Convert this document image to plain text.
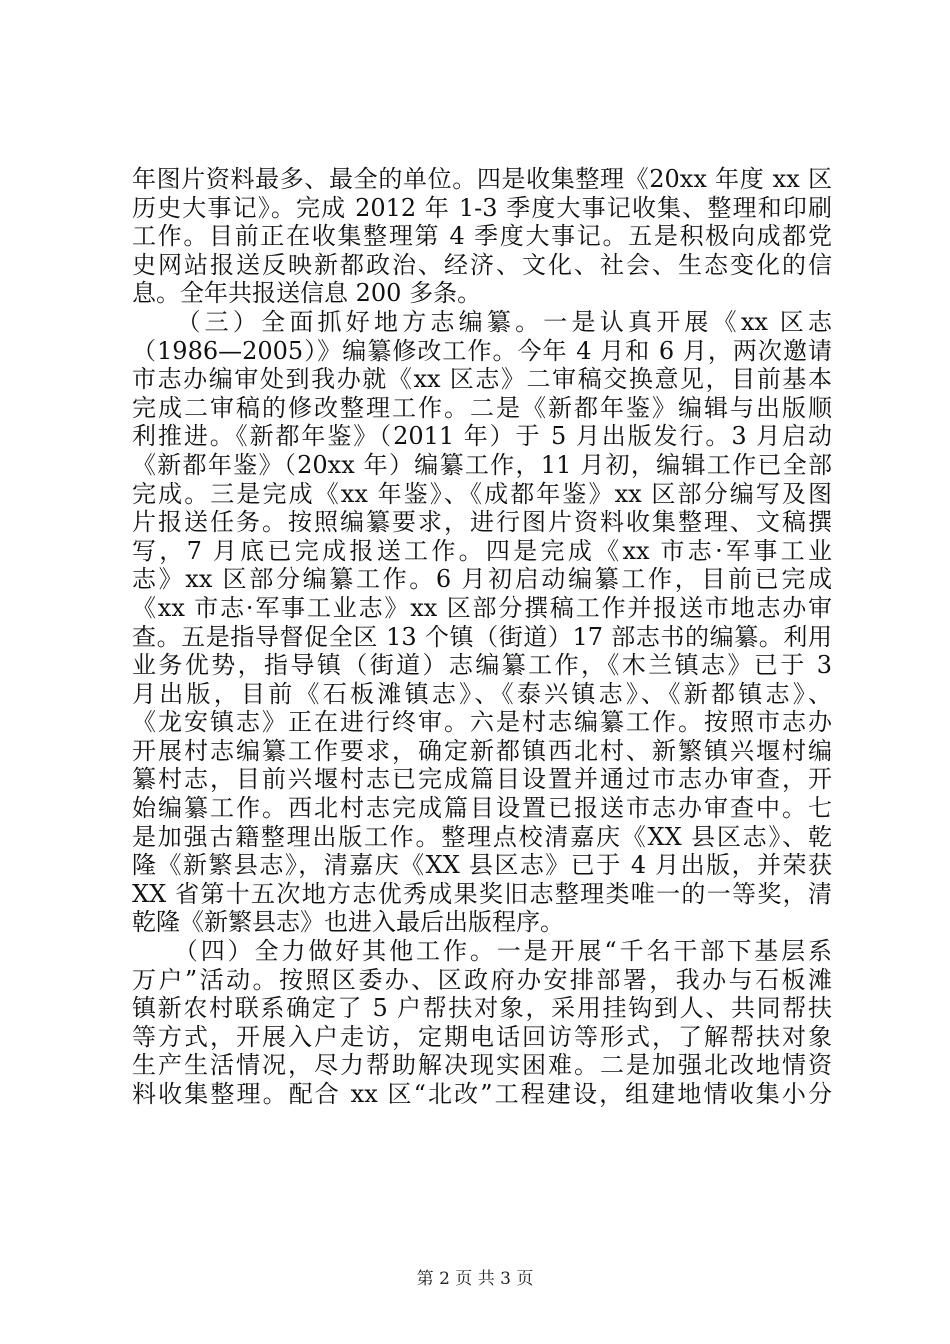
年图片资料最多、最全的单位。四是收集整理《20xx 年度 xx 区
历史大事记》。完成 2012 年 1-3 季度大事记收集、整理和印刷
工作。目前正在收集整理第 4 季度大事记。五是积极向成都党
史网站报送反映新都政治、经济、文化、社会、生态变化的信
息。全年共报送信息 200 多条。
　　（三）全面抓好地方志编纂。一是认真开展《xx 区志
（1986—2005）》编纂修改工作。今年 4 月和 6 月，两次邀请
市志办编审处到我办就《xx 区志》二审稿交换意见，目前基本
完成二审稿的修改整理工作。二是《新都年鉴》编辑与出版顺
利推进。《新都年鉴》（2011 年）于 5 月出版发行。3 月启动
《新都年鉴》（20xx 年）编纂工作，11 月初，编辑工作已全部
完成。三是完成《xx 年鉴》、《成都年鉴》xx 区部分编写及图
片报送任务。按照编纂要求，进行图片资料收集整理、文稿撰
写，7 月底已完成报送工作。四是完成《xx 市志·军事工业
志》xx 区部分编纂工作。6 月初启动编纂工作，目前已完成
《xx 市志·军事工业志》xx 区部分撰稿工作并报送市地志办审
查。五是指导督促全区 13 个镇（街道）17 部志书的编纂。利用
业务优势，指导镇（街道）志编纂工作，《木兰镇志》已于 3
月出版，目前《石板滩镇志》、《泰兴镇志》、《新都镇志》、
《龙安镇志》正在进行终审。六是村志编纂工作。按照市志办
开展村志编纂工作要求，确定新都镇西北村、新繁镇兴堰村编
纂村志，目前兴堰村志已完成篇目设置并通过市志办审查，开
始编纂工作。西北村志完成篇目设置已报送市志办审查中。七
是加强古籍整理出版工作。整理点校清嘉庆《XX 县区志》、乾
隆《新繁县志》，清嘉庆《XX 县区志》已于 4 月出版，并荣获
XX 省第十五次地方志优秀成果奖旧志整理类唯一的一等奖，清
乾隆《新繁县志》也进入最后出版程序。
　　（四）全力做好其他工作。一是开展“千名干部下基层系
万户”活动。按照区委办、区政府办安排部署，我办与石板滩
镇新农村联系确定了 5 户帮扶对象，采用挂钩到人、共同帮扶
等方式，开展入户走访，定期电话回访等形式，了解帮扶对象
生产生活情况，尽力帮助解决现实困难。二是加强北改地情资
料收集整理。配合 xx 区“北改”工程建设，组建地情收集小分
第 2 页 共 3 页
